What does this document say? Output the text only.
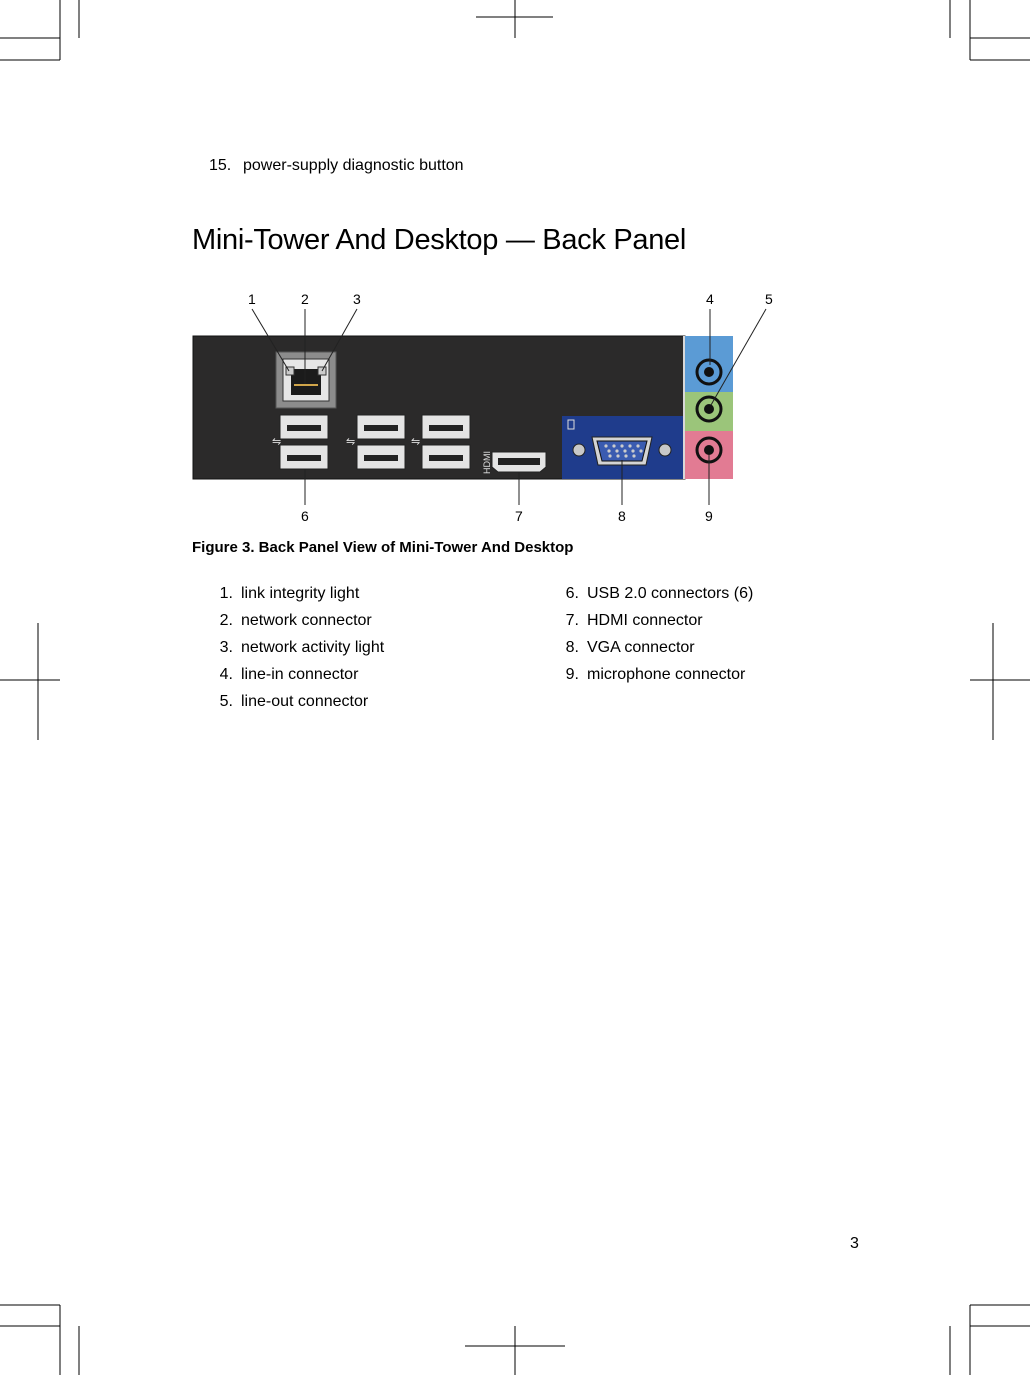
15. power-supply diagnostic button
Mini-Tower And Desktop — Back Panel
⇋	⇋	⇋
HDMI
1	2	3	4	5
6	7	8	9
Figure 3. Back Panel View of Mini-Tower And Desktop
1. link integrity light
2. network connector
3. network activity light
4. line-in connector
5. line-out connector
6. USB 2.0 connectors (6)
7. HDMI connector
8. VGA connector
9. microphone connector
3
